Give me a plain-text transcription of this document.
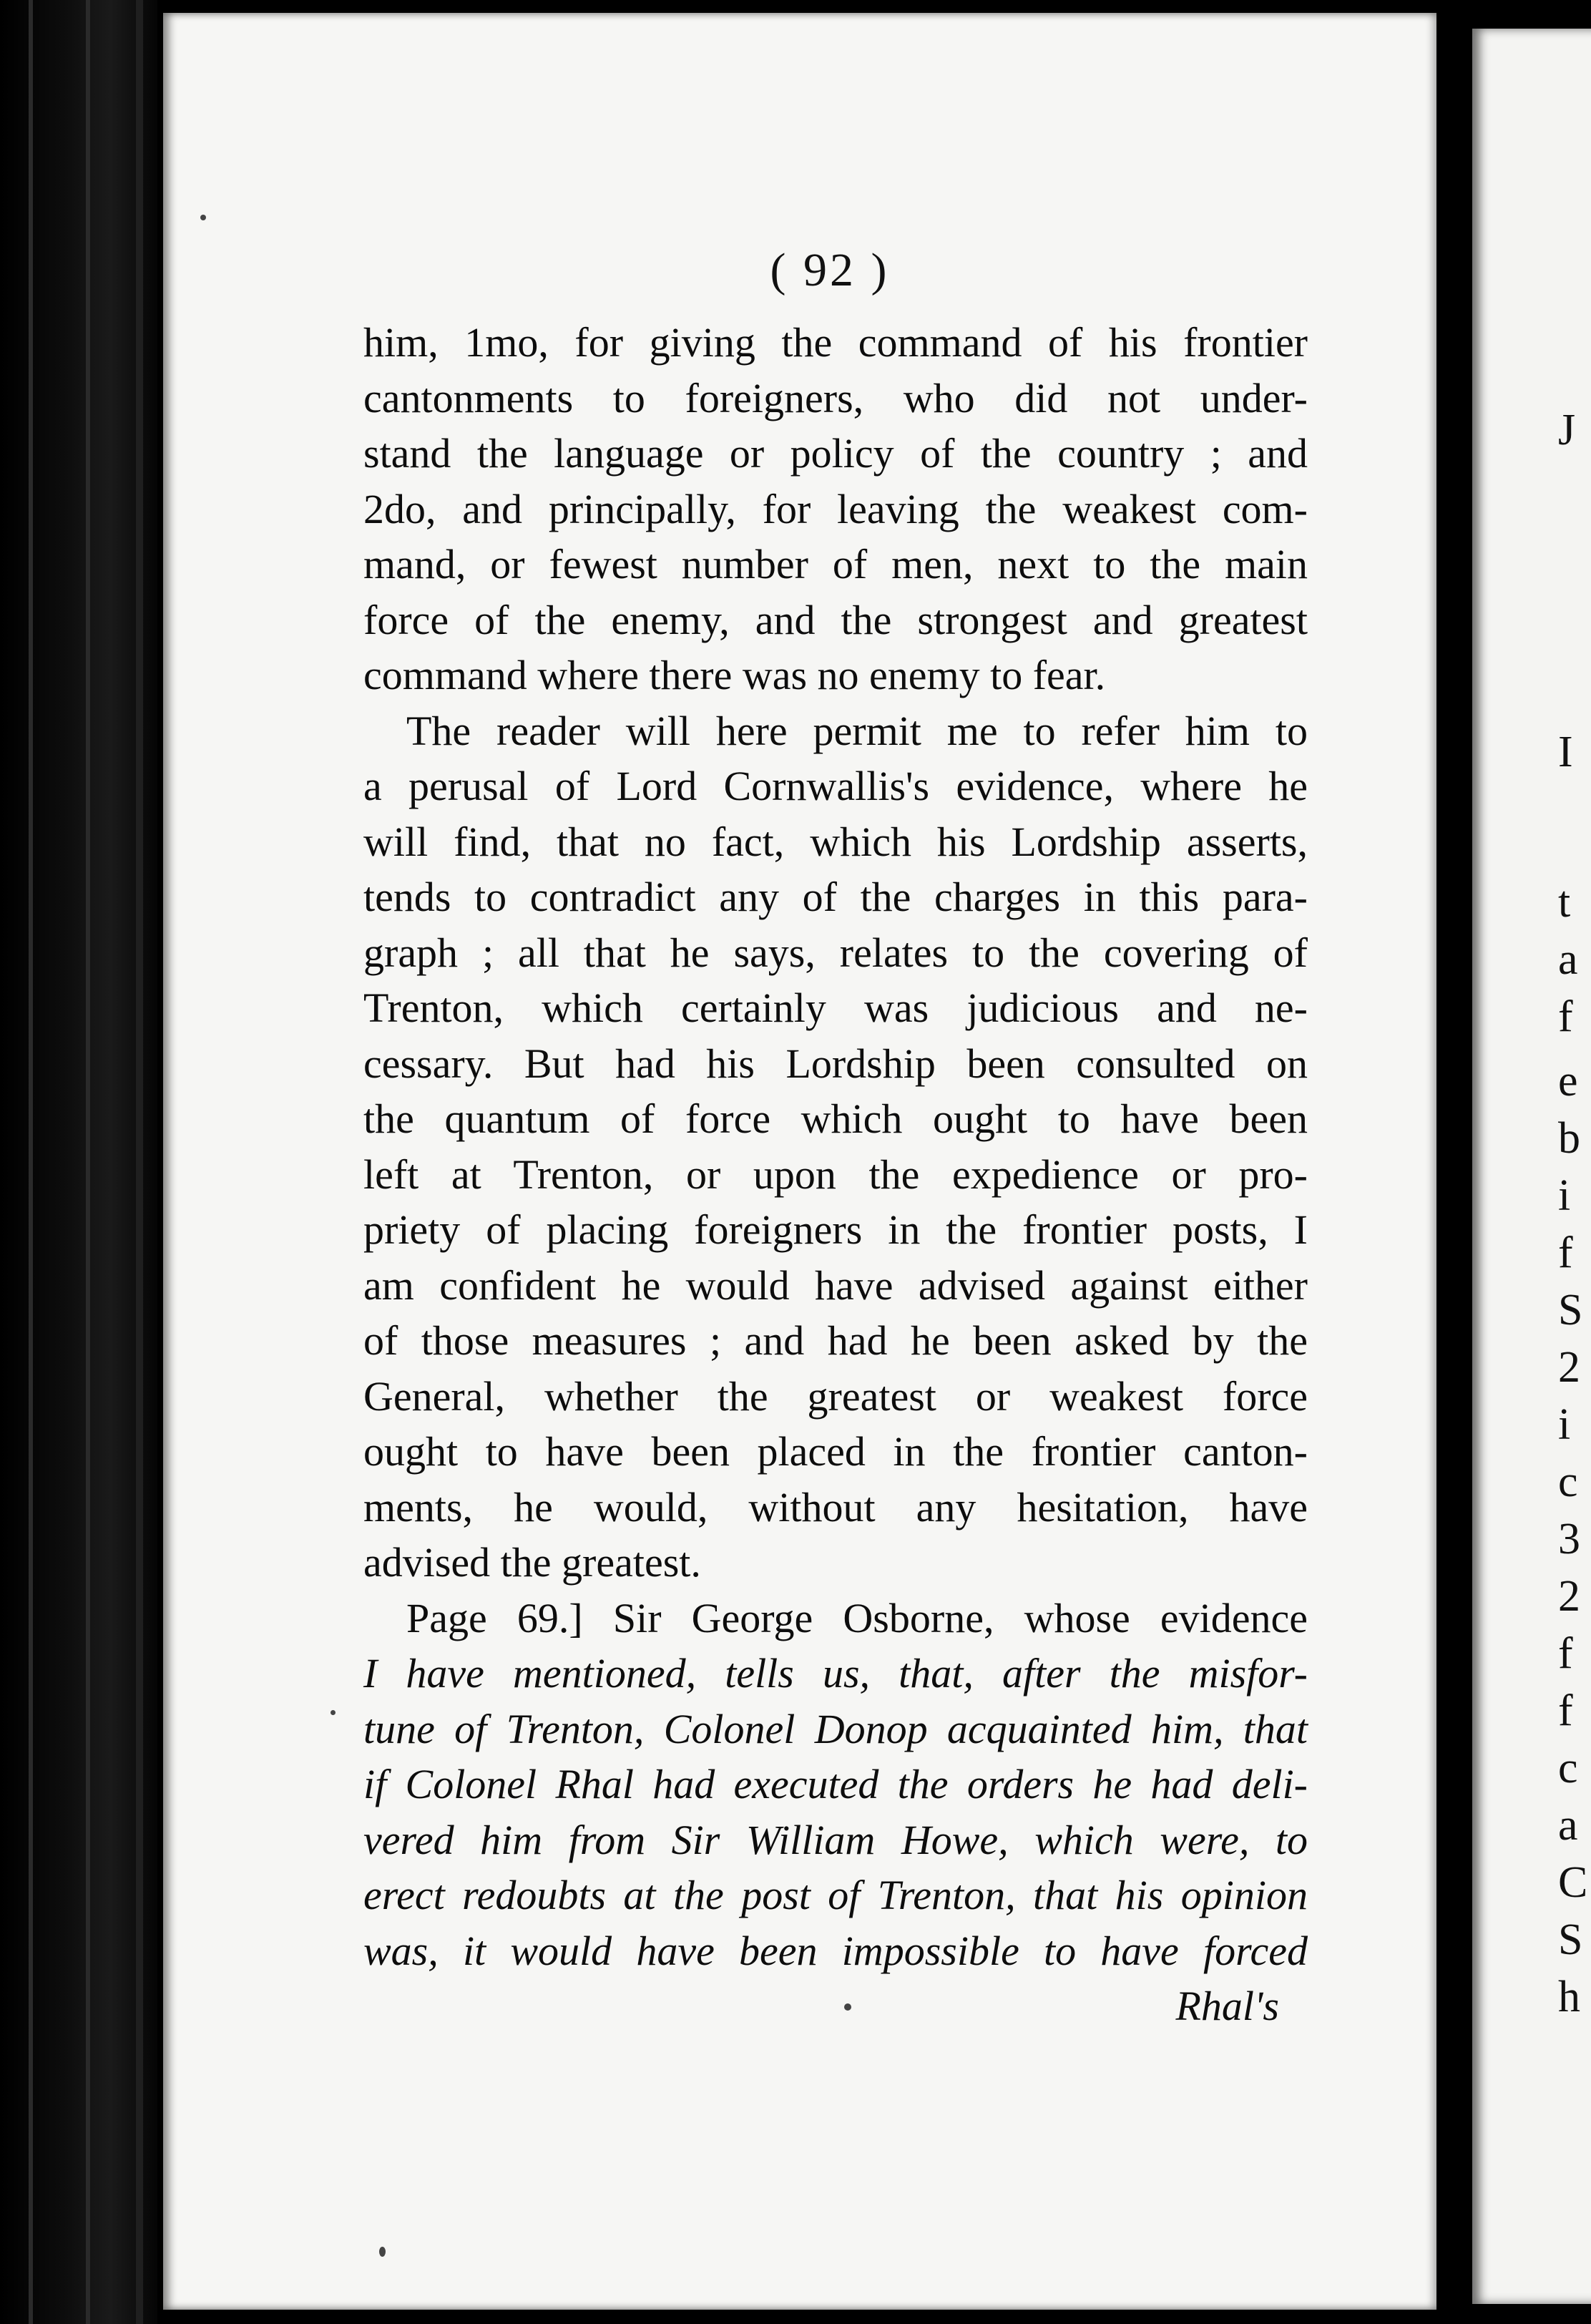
J
I
t
a
f
e
b
i
f
S
2
i
c
3
2
f
f
c
a
C
S
h
( 92 )
him, 1mo, for giving the command of his frontier
cantonments to foreigners, who did not under-
stand the language or policy of the country ; and
2do, and principally, for leaving the weakest com-
mand, or fewest number of men, next to the main
force of the enemy, and the strongest and greatest
command where there was no enemy to fear.
The reader will here permit me to refer him to
a perusal of Lord Cornwallis's evidence, where he
will find, that no fact, which his Lordship asserts,
tends to contradict any of the charges in this para-
graph ; all that he says, relates to the covering of
Trenton, which certainly was judicious and ne-
cessary. But had his Lordship been consulted on
the quantum of force which ought to have been
left at Trenton, or upon the expedience or pro-
priety of placing foreigners in the frontier posts, I
am confident he would have advised against either
of those measures ; and had he been asked by the
General, whether the greatest or weakest force
ought to have been placed in the frontier canton-
ments, he would, without any hesitation, have
advised the greatest.
Page 69.] Sir George Osborne, whose evidence
I have mentioned, tells us, that, after the misfor-
tune of Trenton, Colonel Donop acquainted him, that
if Colonel Rhal had executed the orders he had deli-
vered him from Sir William Howe, which were, to
erect redoubts at the post of Trenton, that his opinion
was, it would have been impossible to have forced
Rhal's
